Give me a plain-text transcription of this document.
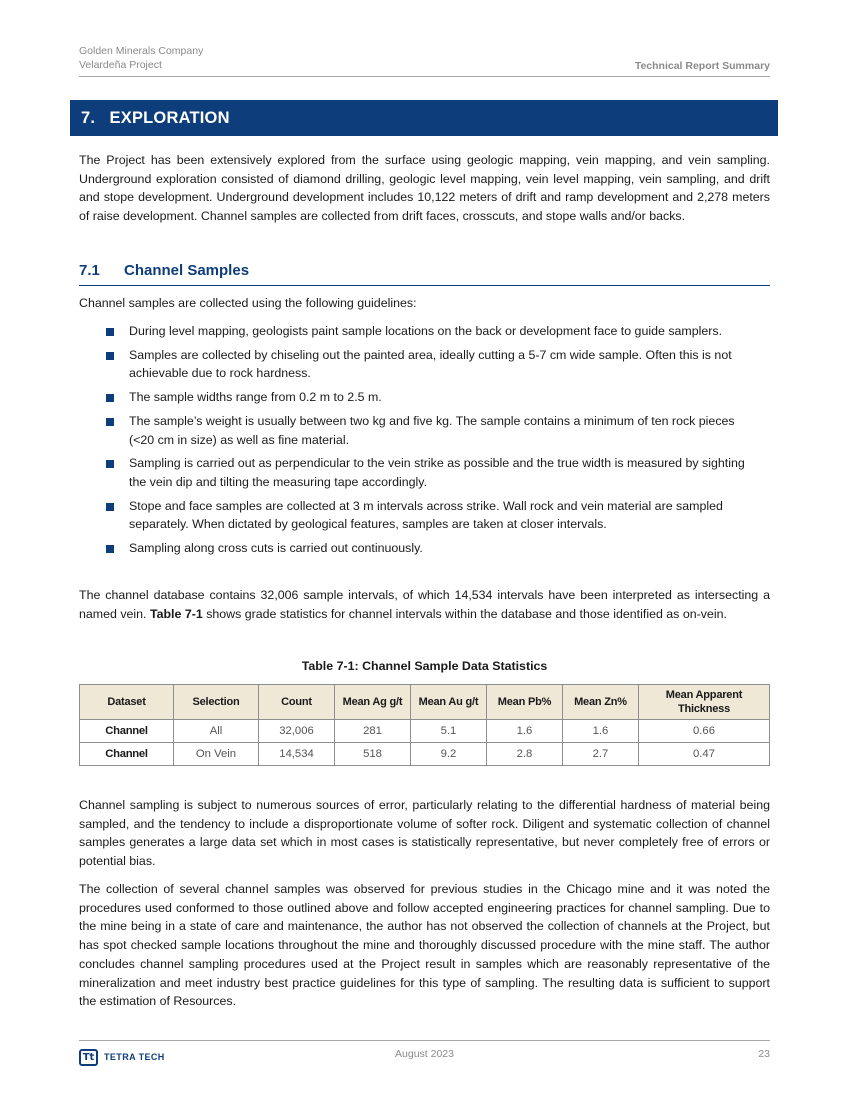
Golden Minerals Company
Velardeña Project	Technical Report Summary
7. EXPLORATION

The Project has been extensively explored from the surface using geologic mapping, vein mapping, and vein sampling. Underground exploration consisted of diamond drilling, geologic level mapping, vein level mapping, vein sampling, and drift and stope development. Underground development includes 10,122 meters of drift and ramp development and 2,278 meters of raise development. Channel samples are collected from drift faces, crosscuts, and stope walls and/or backs.

7.1 Channel Samples

Channel samples are collected using the following guidelines:

During level mapping, geologists paint sample locations on the back or development face to guide samplers.
Samples are collected by chiseling out the painted area, ideally cutting a 5-7 cm wide sample. Often this is not achievable due to rock hardness.
The sample widths range from 0.2 m to 2.5 m.
The sample’s weight is usually between two kg and five kg. The sample contains a minimum of ten rock pieces (<20 cm in size) as well as fine material.
Sampling is carried out as perpendicular to the vein strike as possible and the true width is measured by sighting the vein dip and tilting the measuring tape accordingly.
Stope and face samples are collected at 3 m intervals across strike. Wall rock and vein material are sampled separately. When dictated by geological features, samples are taken at closer intervals.
Sampling along cross cuts is carried out continuously.

The channel database contains 32,006 sample intervals, of which 14,534 intervals have been interpreted as intersecting a named vein. Table 7-1 shows grade statistics for channel intervals within the database and those identified as on-vein.

Table 7-1: Channel Sample Data Statistics
Dataset	Selection	Count	Mean Ag g/t	Mean Au g/t	Mean Pb%	Mean Zn%	Mean Apparent Thickness
Channel	All	32,006	281	5.1	1.6	1.6	0.66
Channel	On Vein	14,534	518	9.2	2.8	2.7	0.47

Channel sampling is subject to numerous sources of error, particularly relating to the differential hardness of material being sampled, and the tendency to include a disproportionate volume of softer rock. Diligent and systematic collection of channel samples generates a large data set which in most cases is statistically representative, but never completely free of errors or potential bias.

The collection of several channel samples was observed for previous studies in the Chicago mine and it was noted the procedures used conformed to those outlined above and follow accepted engineering practices for channel sampling. Due to the mine being in a state of care and maintenance, the author has not observed the collection of channels at the Project, but has spot checked sample locations throughout the mine and thoroughly discussed procedure with the mine staff. The author concludes channel sampling procedures used at the Project result in samples which are reasonably representative of the mineralization and meet industry best practice guidelines for this type of sampling. The resulting data is sufficient to support the estimation of Resources.

Tt	TETRA TECH	August 2023	23
